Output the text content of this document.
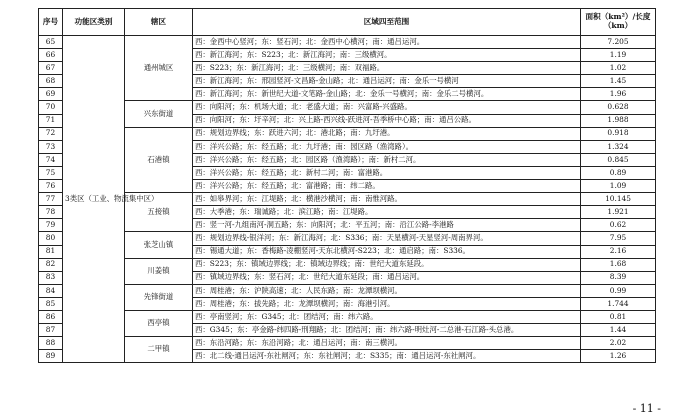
序号	功能区类别	辖区	区域四至范围	面积（km²）/长度（km）
65	3类区（工业、物流集中区）	通州城区	西：金西中心竖河；东：竖石河；北：金西中心横河；南：通吕运河。	7.205
66			西：新江海河；东：S223；北：新江海河；南：三级横河。	1.19
67			西：S223；东：新江海河；北：三级横河；南：双福路。	1.02
68			西：新江海河；东：邢园竖河-文昌路-金山路；北：通吕运河；南：金乐一号横河	1.45
69			西：新江海河；东：新世纪大道-文笔路-金山路；北：金乐一号横河；南：金乐二号横河。	1.96
70		兴东街道	西：向阳河；东：机场大道；北：老盛大道；南：兴富路-兴盛路。	0.628
71			西：向阳河；东：圩辛河；北：兴上路-西兴线-跃进河-吾季桥中心路；南：通吕公路。	1.988
72		石港镇	西：规划边界线；东：跃进六河；北：港北路；南：九圩港。	0.918
73			西：洋兴公路；东：经五路；北：九圩港；南：园区路（渔湾路）。	1.324
74			西：洋兴公路；东：经五路；北：园区路（渔湾路）；南：新村二河。	0.845
75			西：洋兴公路；东：经五路；北：新村二河；南：富港路。	0.89
76			西：洋兴公路；东：经五路；北：富港路；南：纬二路。	1.09
77		五接镇	西：如皋界河；东：江堤路；北：横港沙横河；南：南惟河路。	10.145
78			西：大季港；东：瑞诚路；北：滨江路；南：江堤路。	1.921
79			西：竖一河-九组南河-洞五路；东：向阳河；北：平五河；南：沿江公路-李港路	0.62
80		张芝山镇	西：规划边界线-银洋河；东：新江海河；北：S336；南：天星横河-天星竖河-周南界河。	7.95
81			西：锡通大道；东：香梅路-凌棚竖河-天东北横河-S223；北：通启路；南：S336。	2.16
82		川姜镇	西：S223；东：镇域边界线；北：镇域边界线；南：世纪大道东延段。	1.68
83			西：镇域边界线；东：竖石河；北：世纪大道东延段；南：通吕运河。	8.39
84		先锋街道	西：周桂港；东：沪陕高速；北：人民东路；南：龙潭坝横河。	0.99
85			西：周桂港；东：拔先路；北：龙潭坝横河；南：海港引河。	1.744
86		西亭镇	西：亭南竖河；东：G345；北：团结河；南：纬六路。	0.81
87			西：G345；东：亭金路-纬四路-刑翔路；北：团结河；南：纬六路-明灶河-二总港-石江路-头总港。	1.44
88		二甲镇	西：东沿河路；东：东沿河路；北：通吕运河；南：南三横河。	2.02
89			西：北二线-通吕运河-东社闸河；东：东社闸河；北：S335；南：通吕运河-东社闸河。	1.26
- 11 -
